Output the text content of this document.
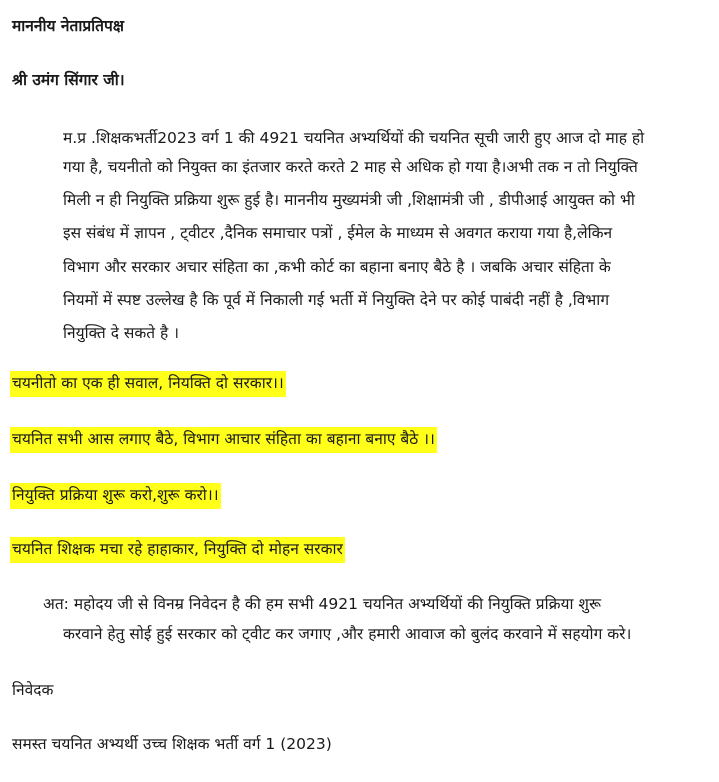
माननीय नेताप्रतिपक्ष
श्री उमंग सिंगार जी।
म.प्र .शिक्षकभर्ती2023 वर्ग 1 की 4921 चयनित अभ्यर्थियों की चयनित सूची जारी हुए आज दो माह हो
गया है, चयनीतो को नियुक्त का इंतजार करते करते 2 माह से अधिक हो गया है।अभी तक न तो नियुक्ति
मिली न ही नियुक्ति प्रक्रिया शुरू हुई है। माननीय मुख्यमंत्री जी ,शिक्षामंत्री जी , डीपीआई आयुक्त को भी
इस संबंध में ज्ञापन , ट्वीटर ,दैनिक समाचार पत्रों , ईमेल के माध्यम से अवगत कराया गया है,लेकिन
विभाग और सरकार अचार संहिता का ,कभी कोर्ट का बहाना बनाए बैठे है । जबकि अचार संहिता के
नियमों में स्पष्ट उल्लेख है कि पूर्व में निकाली गई भर्ती में नियुक्ति देने पर कोई पाबंदी नहीं है ,विभाग
नियुक्ति दे सकते है ।
चयनीतो का एक ही सवाल, नियक्ति दो सरकार।।
चयनित सभी आस लगाए बैठे, विभाग आचार संहिता का बहाना बनाए बैठे ।।
नियुक्ति प्रक्रिया शुरू करो,शुरू करो।।
चयनित शिक्षक मचा रहे हाहाकार, नियुक्ति दो मोहन सरकार
अत: महोदय जी से विनम्र निवेदन है की हम सभी 4921 चयनित अभ्यर्थियों की नियुक्ति प्रक्रिया शुरू
करवाने हेतु सोई हुई सरकार को ट्वीट कर जगाए ,और हमारी आवाज को बुलंद करवाने में सहयोग करे।
निवेदक
समस्त चयनित अभ्यर्थी उच्च शिक्षक भर्ती वर्ग 1 (2023)
